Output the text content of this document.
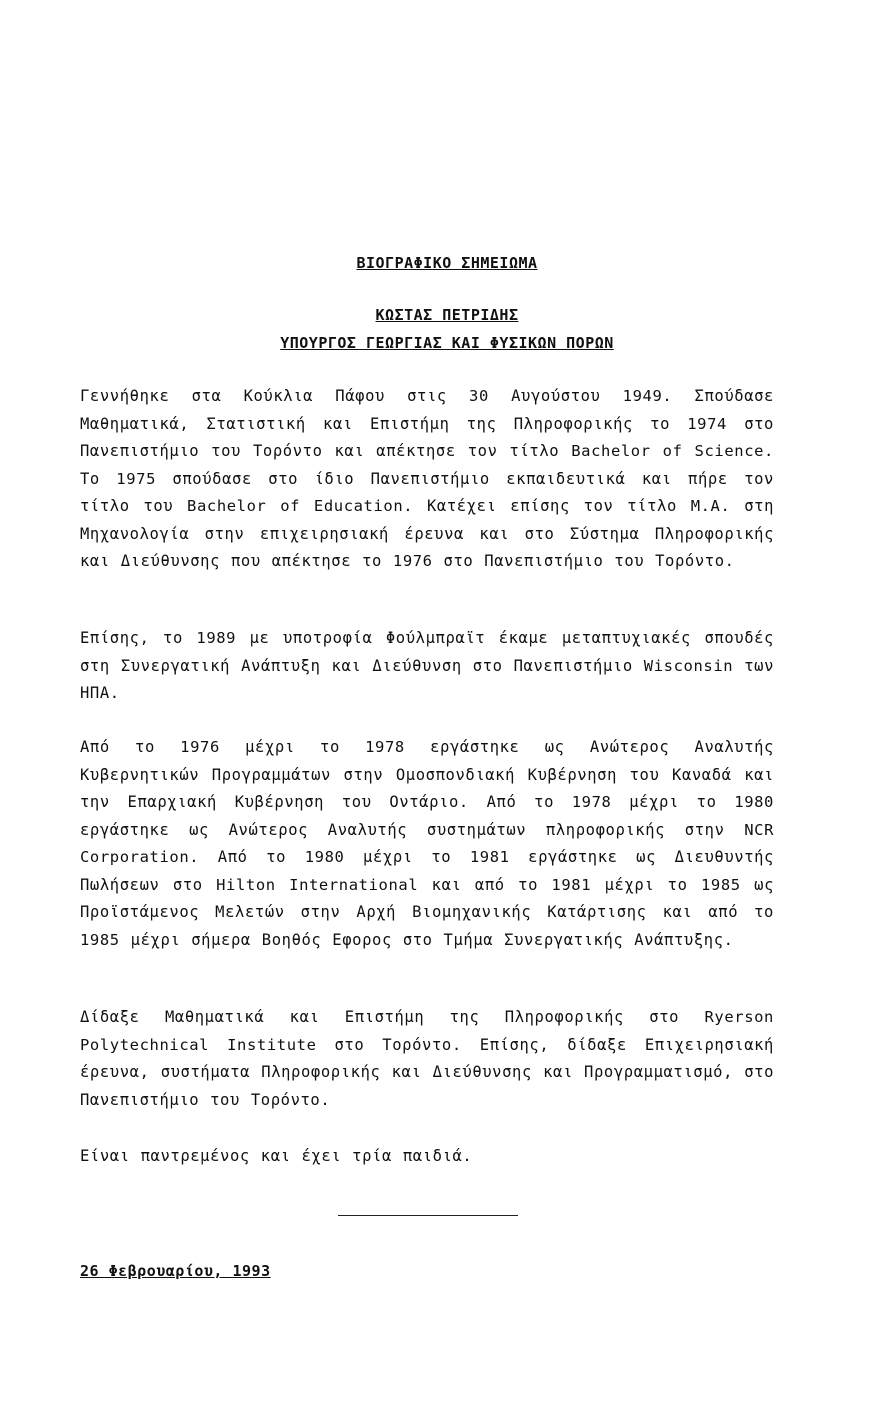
ΒΙΟΓΡΑΦΙΚΟ ΣΗΜΕΙΩΜΑ
ΚΩΣΤΑΣ ΠΕΤΡΙΔΗΣ
ΥΠΟΥΡΓΟΣ ΓΕΩΡΓΙΑΣ ΚΑΙ ΦΥΣΙΚΩΝ ΠΟΡΩΝ
Γεννήθηκε στα Κούκλια Πάφου στις 30 Αυγούστου 1949. Σπούδασε Μαθηματικά, Στατιστική και Επιστήμη της Πληροφορικής το 1974 στο Πανεπιστήμιο του Τορόντο και απέκτησε τον τίτλο Bachelor of Science. Το 1975 σπούδασε στο ίδιο Πανεπιστήμιο εκπαιδευτικά και πήρε τον τίτλο του Bachelor of Education. Κατέχει επίσης τον τίτλο M.A. στη Μηχανολογία στην επιχειρησιακή έρευνα και στο Σύστημα Πληροφορικής και Διεύθυνσης που απέκτησε το 1976 στο Πανεπιστήμιο του Τορόντο.
Επίσης, το 1989 με υποτροφία Φούλμπραϊτ έκαμε μεταπτυχιακές σπουδές στη Συνεργατική Ανάπτυξη και Διεύθυνση στο Πανεπιστήμιο Wisconsin των ΗΠΑ.
Από το 1976 μέχρι το 1978 εργάστηκε ως Ανώτερος Αναλυτής Κυβερνητικών Προγραμμάτων στην Ομοσπονδιακή Κυβέρνηση του Καναδά και την Επαρχιακή Κυβέρνηση του Οντάριο. Από το 1978 μέχρι το 1980 εργάστηκε ως Ανώτερος Αναλυτής συστημάτων πληροφορικής στην NCR Corporation. Από το 1980 μέχρι το 1981 εργάστηκε ως Διευθυντής Πωλήσεων στο Hilton International και από το 1981 μέχρι το 1985 ως Προϊστάμενος Μελετών στην Αρχή Βιομηχανικής Κατάρτισης και από το 1985 μέχρι σήμερα Βοηθός Εφορος στο Τμήμα Συνεργατικής Ανάπτυξης.
Δίδαξε Μαθηματικά και Επιστήμη της Πληροφορικής στο Ryerson Polytechnical Institute στο Τορόντο. Επίσης, δίδαξε Επιχειρησιακή έρευνα, συστήματα Πληροφορικής και Διεύθυνσης και Προγραμματισμό, στο Πανεπιστήμιο του Τορόντο.
Είναι παντρεμένος και έχει τρία παιδιά.
26 Φεβρουαρίου, 1993
